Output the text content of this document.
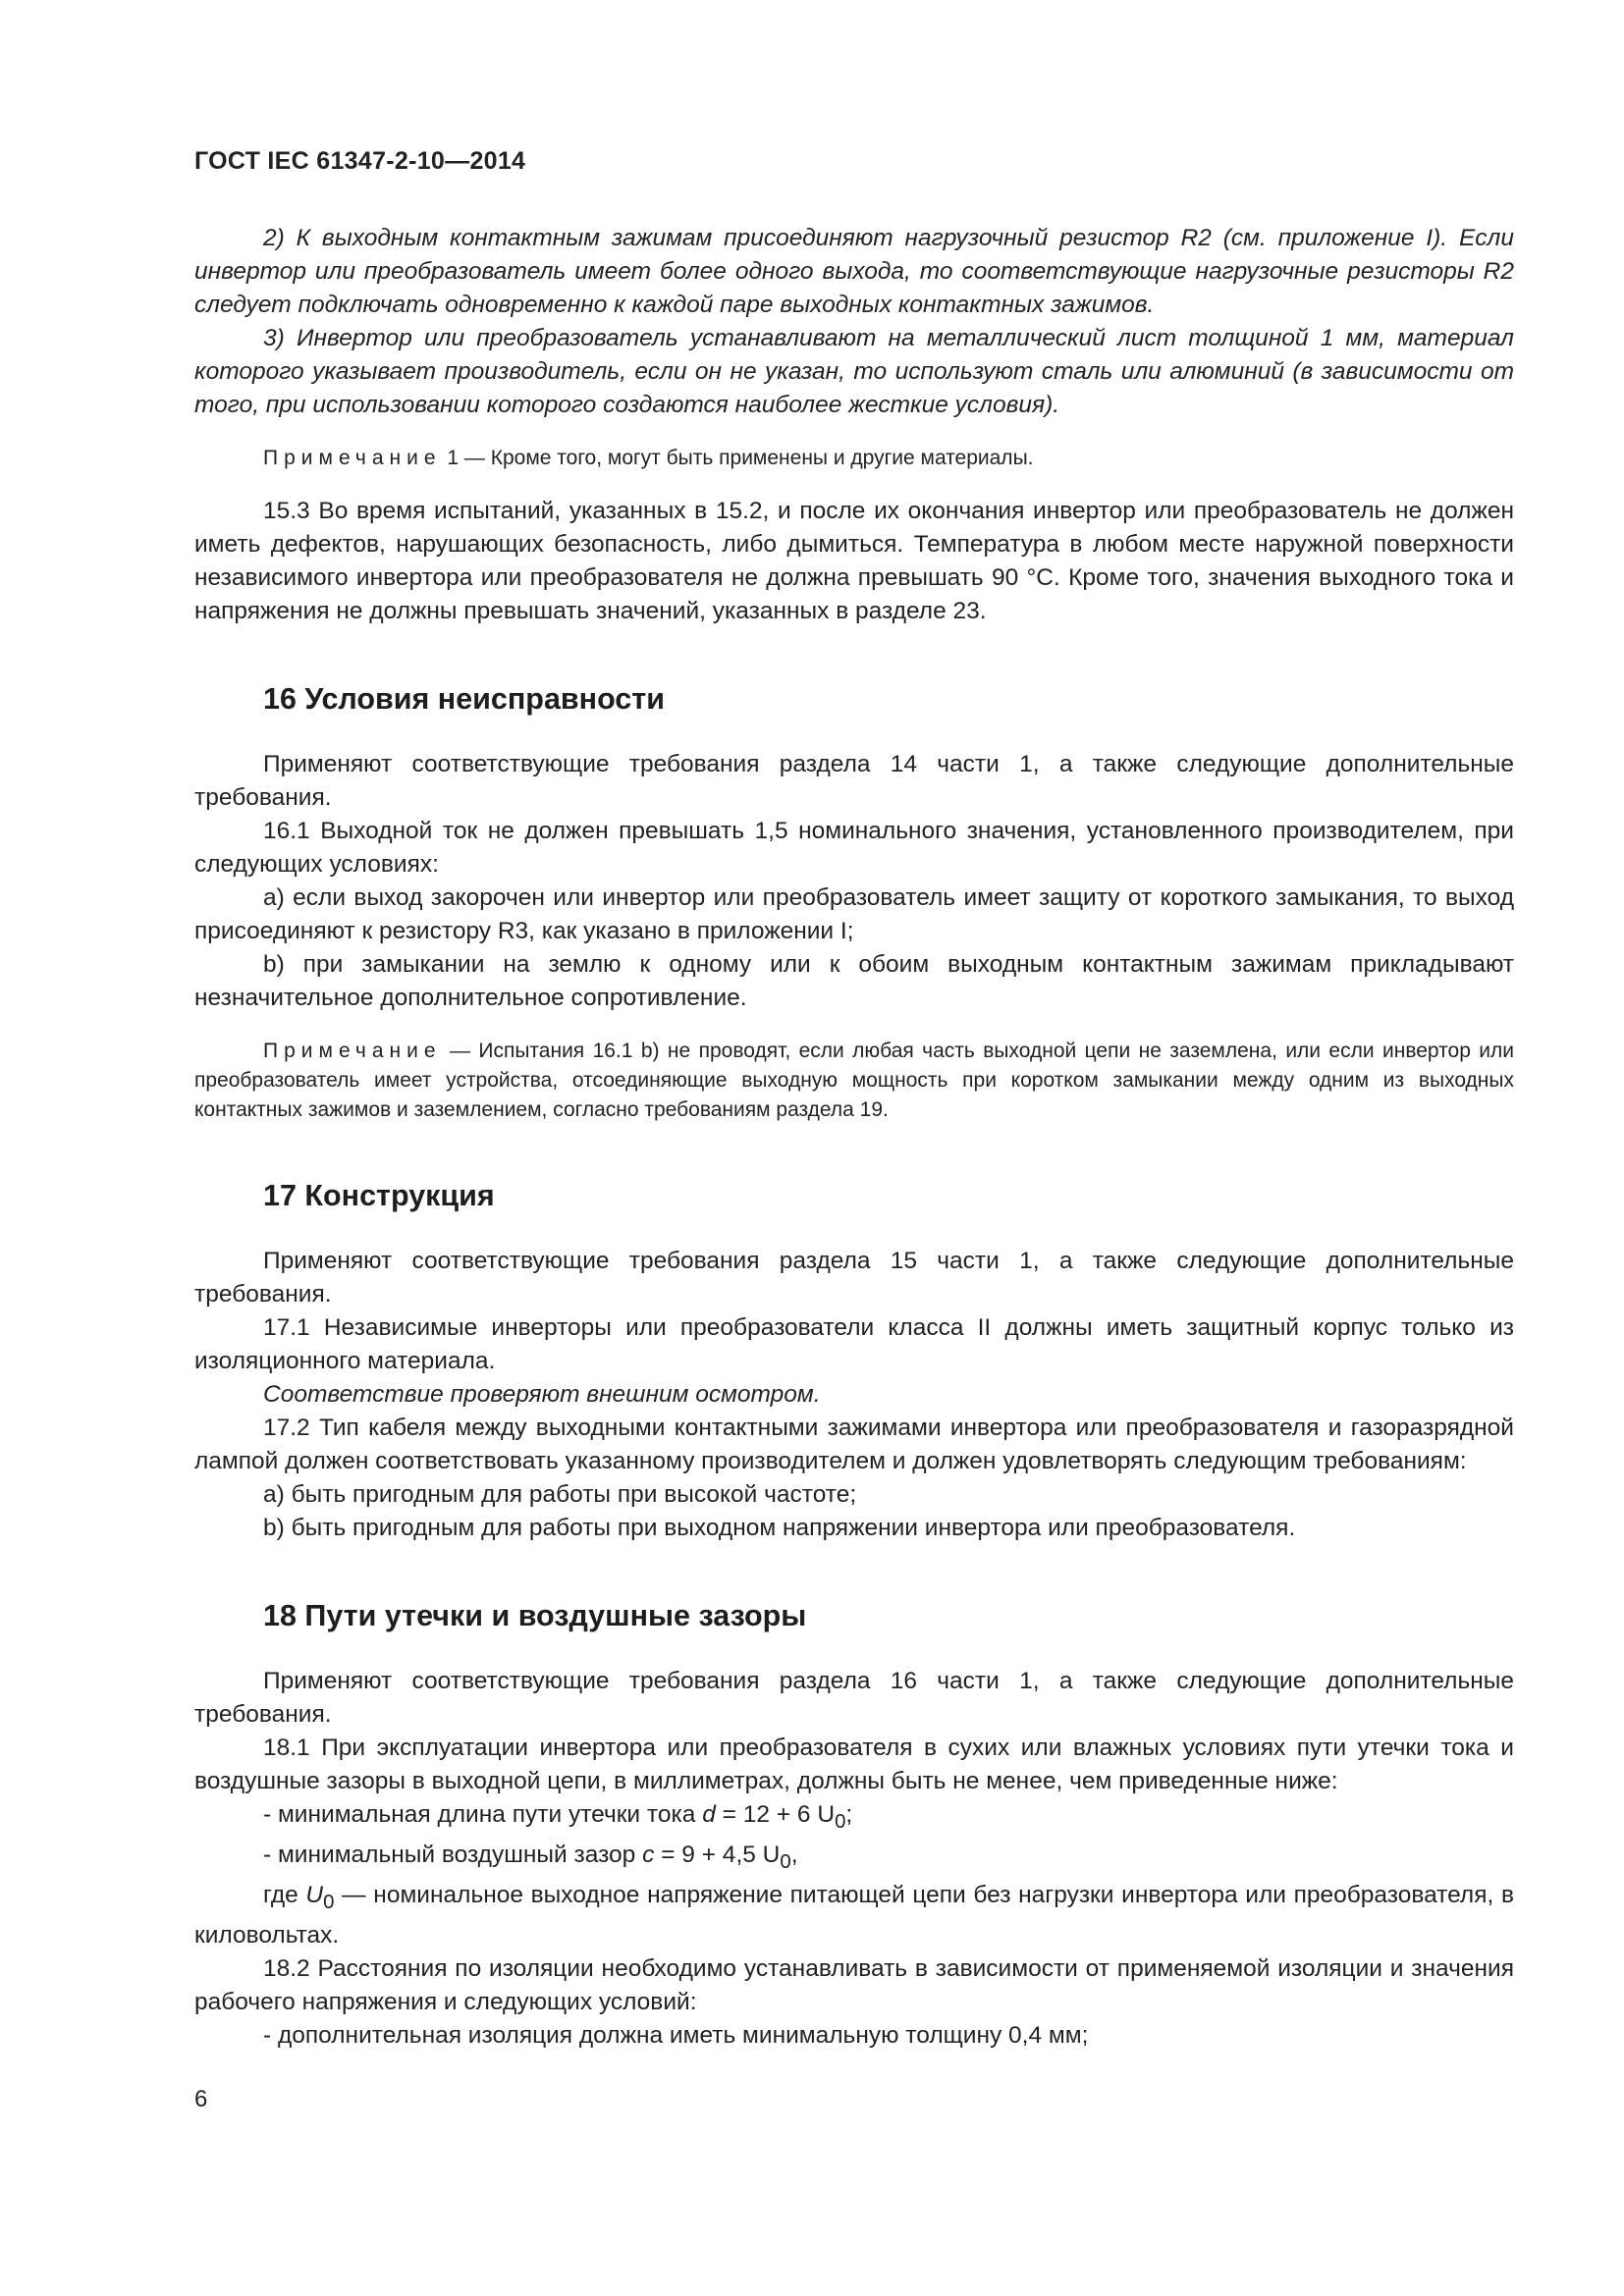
ГОСТ IEC 61347-2-10—2014

2) К выходным контактным зажимам присоединяют нагрузочный резистор R2 (см. приложение I). Если инвертор или преобразователь имеет более одного выхода, то соответствующие нагрузочные резисторы R2 следует подключать одновременно к каждой паре выходных контактных зажимов.

3) Инвертор или преобразователь устанавливают на металлический лист толщиной 1 мм, материал которого указывает производитель, если он не указан, то используют сталь или алюминий (в зависимости от того, при использовании которого создаются наиболее жесткие условия).

Примечание 1 — Кроме того, могут быть применены и другие материалы.

15.3 Во время испытаний, указанных в 15.2, и после их окончания инвертор или преобразователь не должен иметь дефектов, нарушающих безопасность, либо дымиться. Температура в любом месте наружной поверхности независимого инвертора или преобразователя не должна превышать 90 °С. Кроме того, значения выходного тока и напряжения не должны превышать значений, указанных в разделе 23.

16 Условия неисправности

Применяют соответствующие требования раздела 14 части 1, а также следующие дополнительные требования.

16.1 Выходной ток не должен превышать 1,5 номинального значения, установленного производителем, при следующих условиях:

а) если выход закорочен или инвертор или преобразователь имеет защиту от короткого замыкания, то выход присоединяют к резистору R3, как указано в приложении I;

b) при замыкании на землю к одному или к обоим выходным контактным зажимам прикладывают незначительное дополнительное сопротивление.

Примечание — Испытания 16.1 b) не проводят, если любая часть выходной цепи не заземлена, или если инвертор или преобразователь имеет устройства, отсоединяющие выходную мощность при коротком замыкании между одним из выходных контактных зажимов и заземлением, согласно требованиям раздела 19.

17 Конструкция

Применяют соответствующие требования раздела 15 части 1, а также следующие дополнительные требования.

17.1 Независимые инверторы или преобразователи класса II должны иметь защитный корпус только из изоляционного материала.

Соответствие проверяют внешним осмотром.

17.2 Тип кабеля между выходными контактными зажимами инвертора или преобразователя и газоразрядной лампой должен соответствовать указанному производителем и должен удовлетворять следующим требованиям:

а) быть пригодным для работы при высокой частоте;

b) быть пригодным для работы при выходном напряжении инвертора или преобразователя.

18 Пути утечки и воздушные зазоры

Применяют соответствующие требования раздела 16 части 1, а также следующие дополнительные требования.

18.1 При эксплуатации инвертора или преобразователя в сухих или влажных условиях пути утечки тока и воздушные зазоры в выходной цепи, в миллиметрах, должны быть не менее, чем приведенные ниже:

- минимальная длина пути утечки тока d = 12 + 6 $U_0$;

- минимальный воздушный зазор c = 9 + 4,5 $U_0$,

где $U_0$ — номинальное выходное напряжение питающей цепи без нагрузки инвертора или преобразователя, в киловольтах.

18.2 Расстояния по изоляции необходимо устанавливать в зависимости от применяемой изоляции и значения рабочего напряжения и следующих условий:

- дополнительная изоляция должна иметь минимальную толщину 0,4 мм;

6
